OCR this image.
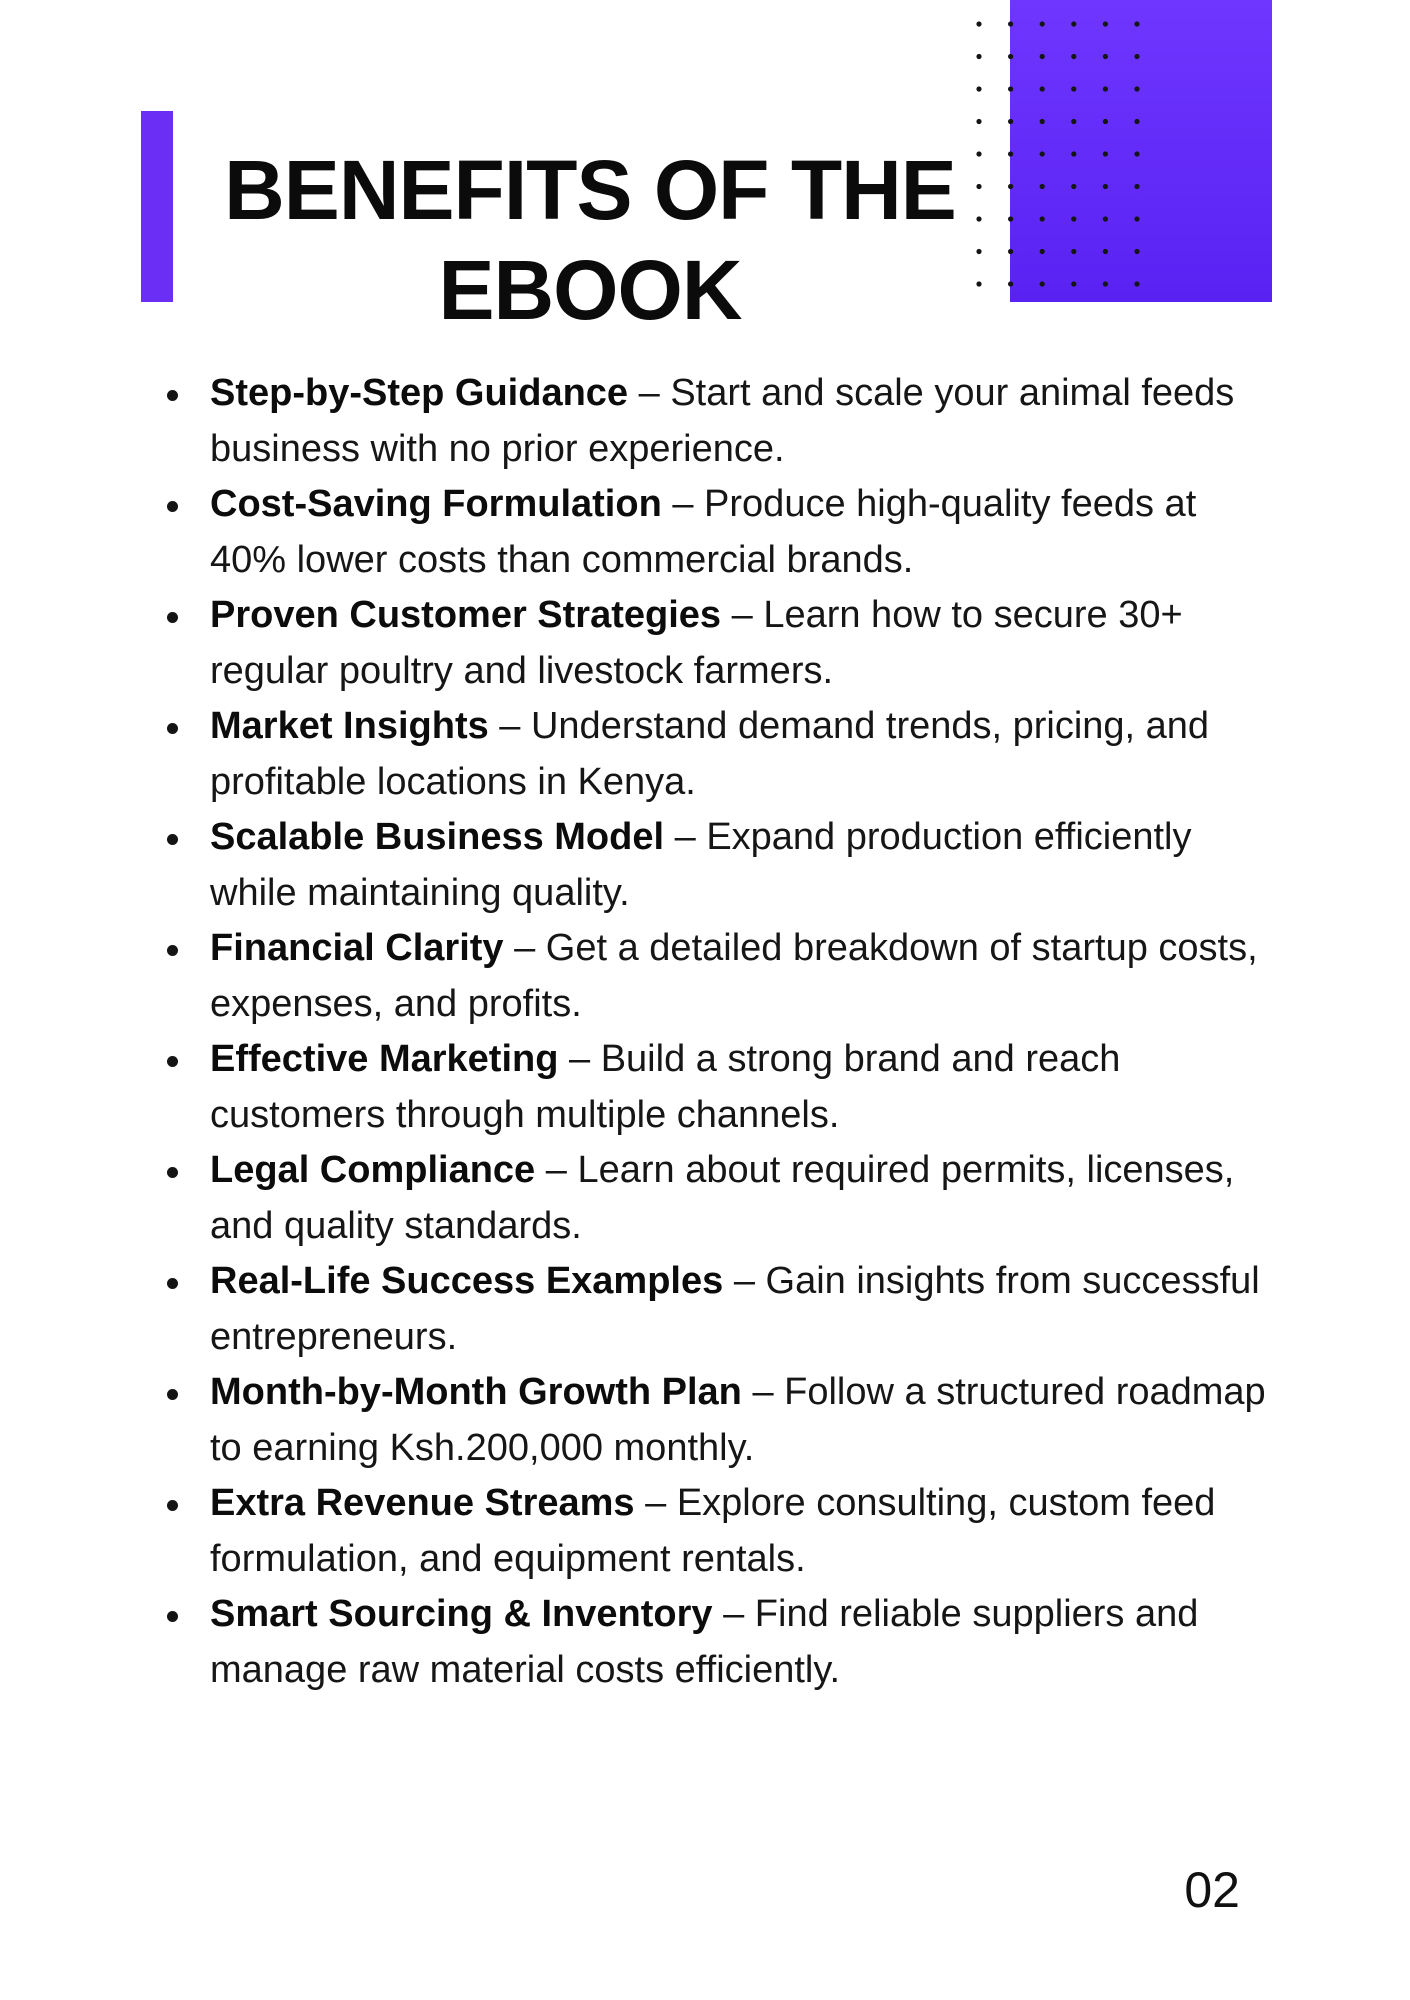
BENEFITS OF THE
EBOOK
Step-by-Step Guidance – Start and scale your animal feeds business with no prior experience.
Cost-Saving Formulation – Produce high-quality feeds at 40% lower costs than commercial brands.
Proven Customer Strategies – Learn how to secure 30+ regular poultry and livestock farmers.
Market Insights – Understand demand trends, pricing, and profitable locations in Kenya.
Scalable Business Model – Expand production efficiently while maintaining quality.
Financial Clarity – Get a detailed breakdown of startup costs, expenses, and profits.
Effective Marketing – Build a strong brand and reach customers through multiple channels.
Legal Compliance – Learn about required permits, licenses, and quality standards.
Real-Life Success Examples – Gain insights from successful entrepreneurs.
Month-by-Month Growth Plan – Follow a structured roadmap to earning Ksh.200,000 monthly.
Extra Revenue Streams – Explore consulting, custom feed formulation, and equipment rentals.
Smart Sourcing & Inventory – Find reliable suppliers and manage raw material costs efficiently.
02
